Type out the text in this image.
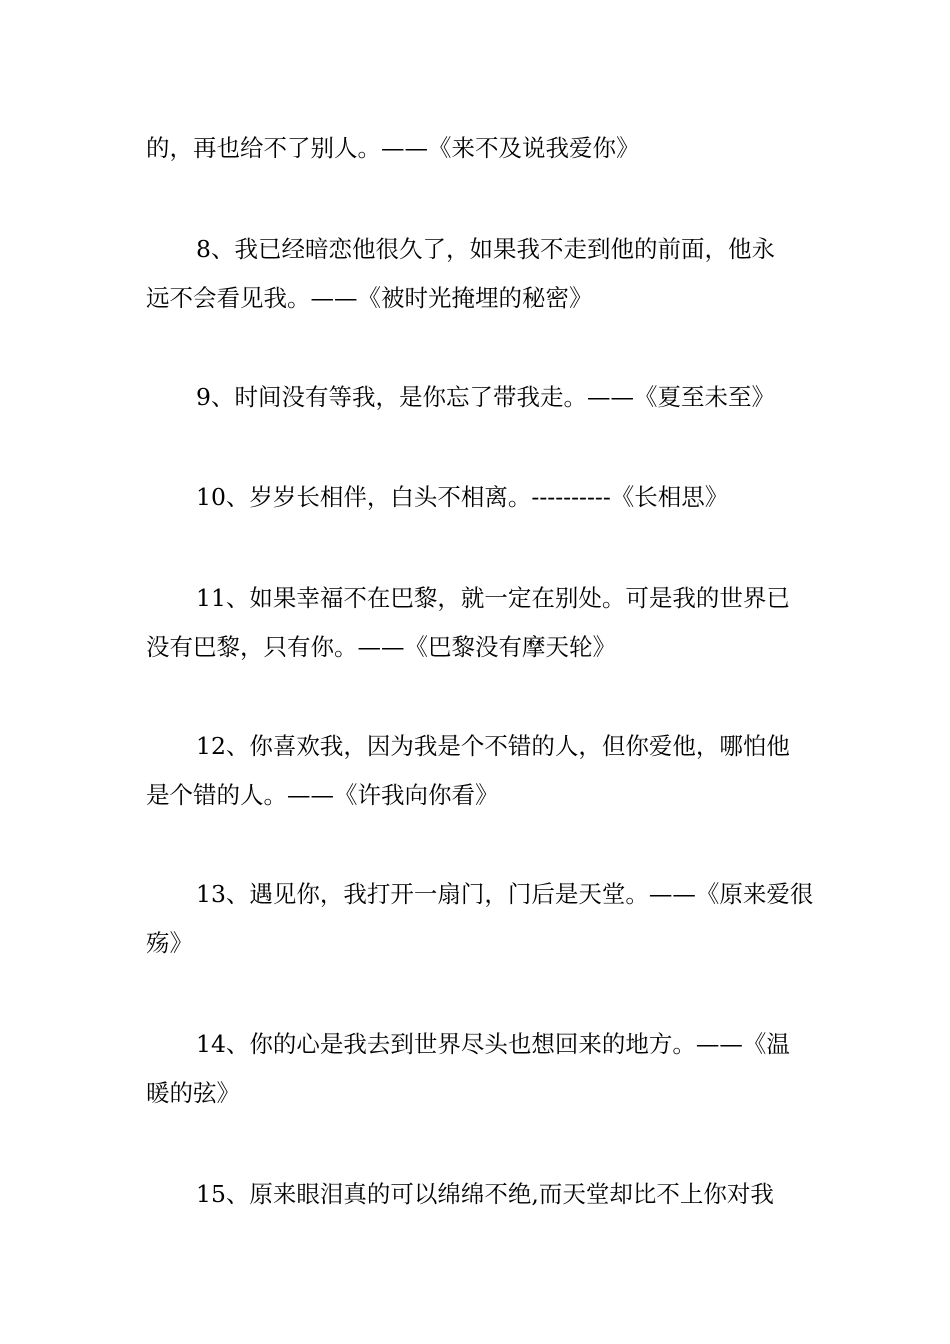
的，再也给不了别人。——《来不及说我爱你》

8、我已经暗恋他很久了，如果我不走到他的前面，他永
远不会看见我。——《被时光掩埋的秘密》

9、时间没有等我，是你忘了带我走。——《夏至未至》

10、岁岁长相伴，白头不相离。----------《长相思》

11、如果幸福不在巴黎，就一定在别处。可是我的世界已
没有巴黎，只有你。——《巴黎没有摩天轮》

12、你喜欢我，因为我是个不错的人，但你爱他，哪怕他
是个错的人。——《许我向你看》

13、遇见你，我打开一扇门，门后是天堂。——《原来爱很
殇》

14、你的心是我去到世界尽头也想回来的地方。——《温
暖的弦》

15、原来眼泪真的可以绵绵不绝,而天堂却比不上你对我
